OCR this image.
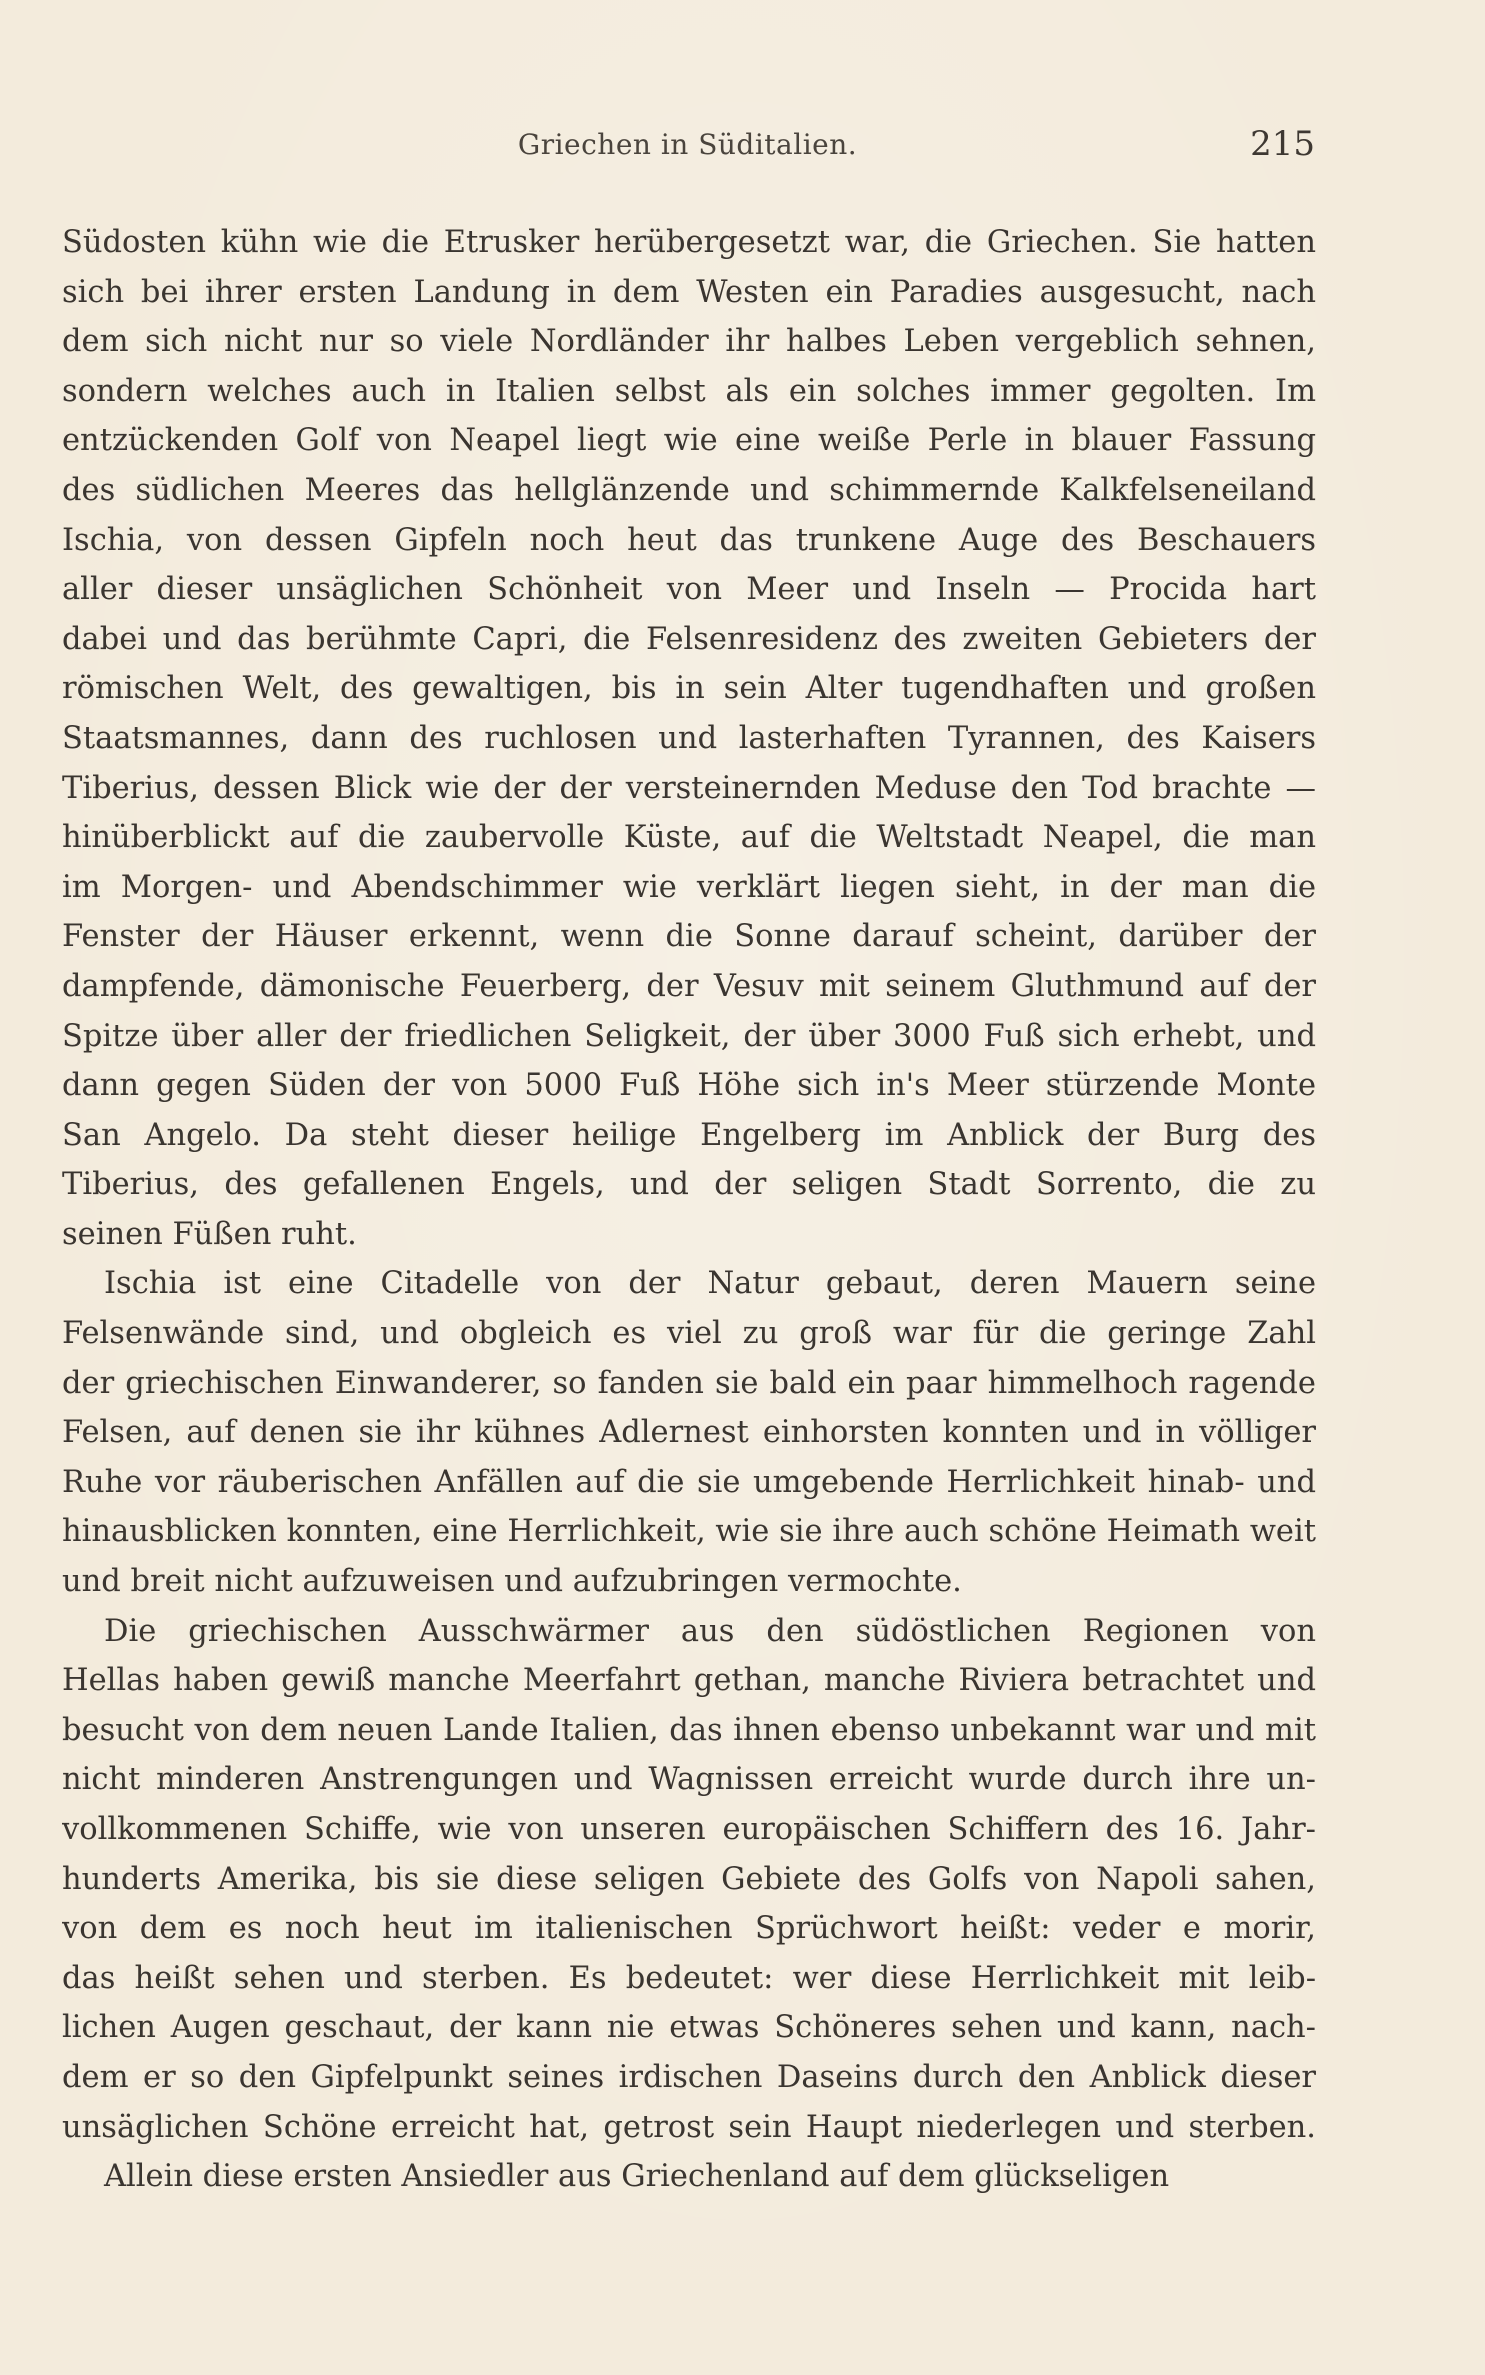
Griechen in Süditalien.	215
Südosten kühn wie die Etrusker herübergesetzt war, die Griechen. Sie hatten
sich bei ihrer ersten Landung in dem Westen ein Paradies ausgesucht, nach
dem sich nicht nur so viele Nordländer ihr halbes Leben vergeblich sehnen,
sondern welches auch in Italien selbst als ein solches immer gegolten. Im
entzückenden Golf von Neapel liegt wie eine weiße Perle in blauer Fassung
des südlichen Meeres das hellglänzende und schimmernde Kalkfelseneiland
Ischia, von dessen Gipfeln noch heut das trunkene Auge des Beschauers
aller dieser unsäglichen Schönheit von Meer und Inseln — Procida hart
dabei und das berühmte Capri, die Felsenresidenz des zweiten Gebieters der
römischen Welt, des gewaltigen, bis in sein Alter tugendhaften und großen
Staatsmannes, dann des ruchlosen und lasterhaften Tyrannen, des Kaisers
Tiberius, dessen Blick wie der der versteinernden Meduse den Tod brachte —
hinüberblickt auf die zaubervolle Küste, auf die Weltstadt Neapel, die man
im Morgen- und Abendschimmer wie verklärt liegen sieht, in der man die
Fenster der Häuser erkennt, wenn die Sonne darauf scheint, darüber der
dampfende, dämonische Feuerberg, der Vesuv mit seinem Gluthmund auf der
Spitze über aller der friedlichen Seligkeit, der über 3000 Fuß sich erhebt, und
dann gegen Süden der von 5000 Fuß Höhe sich in's Meer stürzende Monte
San Angelo. Da steht dieser heilige Engelberg im Anblick der Burg des
Tiberius, des gefallenen Engels, und der seligen Stadt Sorrento, die zu
seinen Füßen ruht.
Ischia ist eine Citadelle von der Natur gebaut, deren Mauern seine
Felsenwände sind, und obgleich es viel zu groß war für die geringe Zahl
der griechischen Einwanderer, so fanden sie bald ein paar himmelhoch ragende
Felsen, auf denen sie ihr kühnes Adlernest einhorsten konnten und in völliger
Ruhe vor räuberischen Anfällen auf die sie umgebende Herrlichkeit hinab- und
hinausblicken konnten, eine Herrlichkeit, wie sie ihre auch schöne Heimath weit
und breit nicht aufzuweisen und aufzubringen vermochte.
Die griechischen Ausschwärmer aus den südöstlichen Regionen von
Hellas haben gewiß manche Meerfahrt gethan, manche Riviera betrachtet und
besucht von dem neuen Lande Italien, das ihnen ebenso unbekannt war und mit
nicht minderen Anstrengungen und Wagnissen erreicht wurde durch ihre un-
vollkommenen Schiffe, wie von unseren europäischen Schiffern des 16. Jahr-
hunderts Amerika, bis sie diese seligen Gebiete des Golfs von Napoli sahen,
von dem es noch heut im italienischen Sprüchwort heißt: veder e morir,
das heißt sehen und sterben. Es bedeutet: wer diese Herrlichkeit mit leib-
lichen Augen geschaut, der kann nie etwas Schöneres sehen und kann, nach-
dem er so den Gipfelpunkt seines irdischen Daseins durch den Anblick dieser
unsäglichen Schöne erreicht hat, getrost sein Haupt niederlegen und sterben.
Allein diese ersten Ansiedler aus Griechenland auf dem glückseligen
